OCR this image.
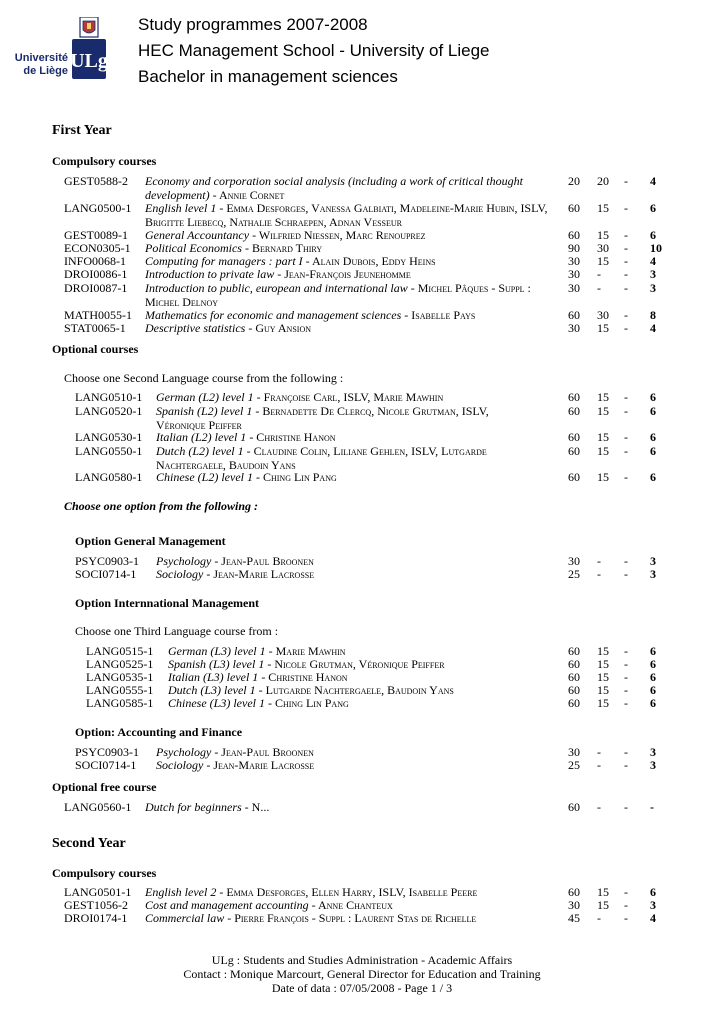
Université
de Liège ULg
Study programmes 2007-2008
HEC Management School - University of Liege
Bachelor in management sciences
First Year
Compulsory courses
GEST0588-2 Economy and corporation social analysis (including a work of critical thought development) - Annie Cornet
20 20 - 4
LANG0500-1 English level 1 - Emma Desforges, Vanessa Galbiati, Madeleine-Marie Hubin, ISLV, Brigitte Liebecq, Nathalie Schraepen, Adnan Vesseur
60 15 - 6
GEST0089-1 General Accountancy - Wilfried Niessen, Marc Renouprez	60 15 - 6
ECON0305-1 Political Economics - Bernard Thiry	90 30 - 10
INFO0068-1 Computing for managers : part I - Alain Dubois, Eddy Heins	30 15 - 4
DROI0086-1 Introduction to private law - Jean-François Jeunehomme	30 - - 3
DROI0087-1 Introduction to public, european and international law - Michel Pâques - Suppl : Michel Delnoy
30 - - 3
MATH0055-1 Mathematics for economic and management sciences - Isabelle Pays	60 30 - 8
STAT0065-1 Descriptive statistics - Guy Ansion	30 15 - 4
Optional courses
Choose one Second Language course from the following :
LANG0510-1 German (L2) level 1 - Françoise Carl, ISLV, Marie Mawhin	60 15 - 6
LANG0520-1 Spanish (L2) level 1 - Bernadette De Clercq, Nicole Grutman, ISLV, Véronique Peiffer
60 15 - 6
LANG0530-1 Italian (L2) level 1 - Christine Hanon	60 15 - 6
LANG0550-1 Dutch (L2) level 1 - Claudine Colin, Liliane Gehlen, ISLV, Lutgarde Nachtergaele, Baudoin Yans
60 15 - 6
LANG0580-1 Chinese (L2) level 1 - Ching Lin Pang	60 15 - 6
Choose one option from the following :
Option General Management
PSYC0903-1 Psychology - Jean-Paul Broonen	30 - - 3
SOCI0714-1 Sociology - Jean-Marie Lacrosse	25 - - 3
Option Internnational Management
Choose one Third Language course from :
LANG0515-1 German (L3) level 1 - Marie Mawhin	60 15 - 6
LANG0525-1 Spanish (L3) level 1 - Nicole Grutman, Véronique Peiffer	60 15 - 6
LANG0535-1 Italian (L3) level 1 - Christine Hanon	60 15 - 6
LANG0555-1 Dutch (L3) level 1 - Lutgarde Nachtergaele, Baudoin Yans	60 15 - 6
LANG0585-1 Chinese (L3) level 1 - Ching Lin Pang	60 15 - 6
Option: Accounting and Finance
PSYC0903-1 Psychology - Jean-Paul Broonen	30 - - 3
SOCI0714-1 Sociology - Jean-Marie Lacrosse	25 - - 3
Optional free course
LANG0560-1 Dutch for beginners - N...	60 - - -
Second Year
Compulsory courses
LANG0501-1 English level 2 - Emma Desforges, Ellen Harry, ISLV, Isabelle Peere	60 15 - 6
GEST1056-2 Cost and management accounting - Anne Chanteux	30 15 - 3
DROI0174-1 Commercial law - Pierre François - Suppl : Laurent Stas de Richelle	45 - - 4
ULg : Students and Studies Administration - Academic Affairs
Contact : Monique Marcourt, General Director for Education and Training
Date of data : 07/05/2008 - Page 1 / 3
